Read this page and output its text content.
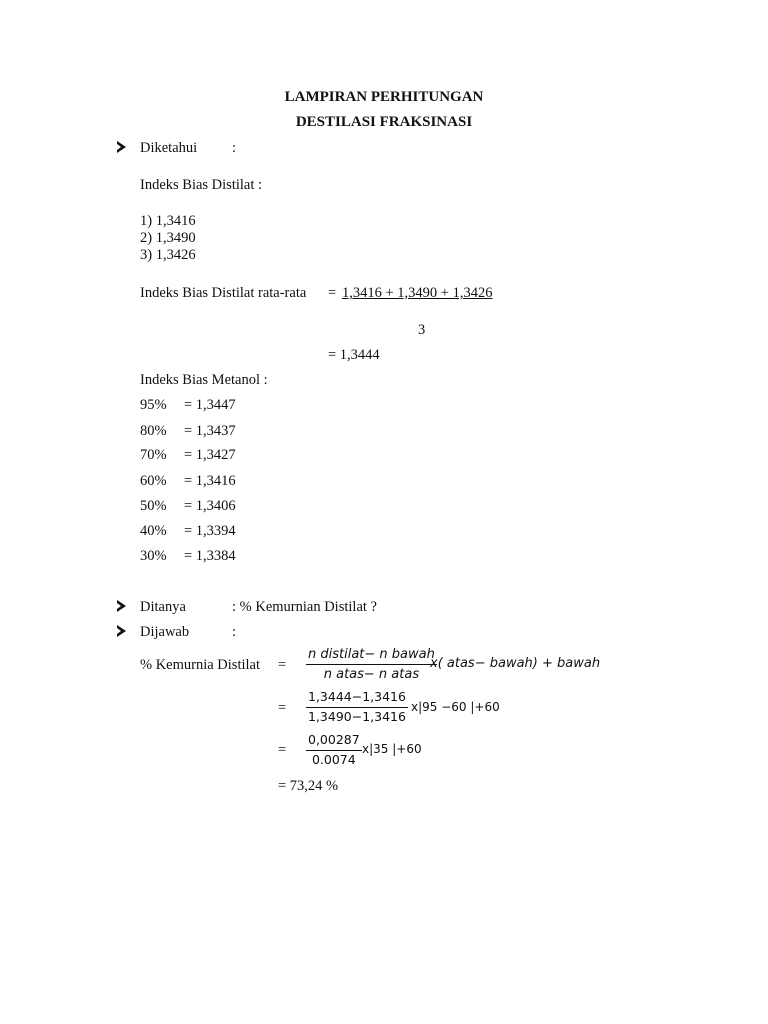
LAMPIRAN PERHITUNGAN
DESTILASI FRAKSINASI
Diketahui :
Indeks Bias Distilat :
1) 1,3416
2) 1,3490
3) 1,3426
Indeks Bias Distilat rata-rata = 1,3416 + 1,3490 + 1,3426
3
= 1,3444
Indeks Bias Metanol :
95% = 1,3447
80% = 1,3437
70% = 1,3427
60% = 1,3416
50% = 1,3406
40% = 1,3394
30% = 1,3384
Ditanya	: % Kemurnian Distilat ?
Dijawab	:
% Kemurnia Distilat =
n distilat− n bawah
n atas− n atas
x( atas− bawah) + bawah
= $\frac{1,3444-1,3416}{1,3490-1,3416} x|95 -60$ |+60
= $\frac{0,00287}{0.0074} x|35$ |+60
= 73,24 %
